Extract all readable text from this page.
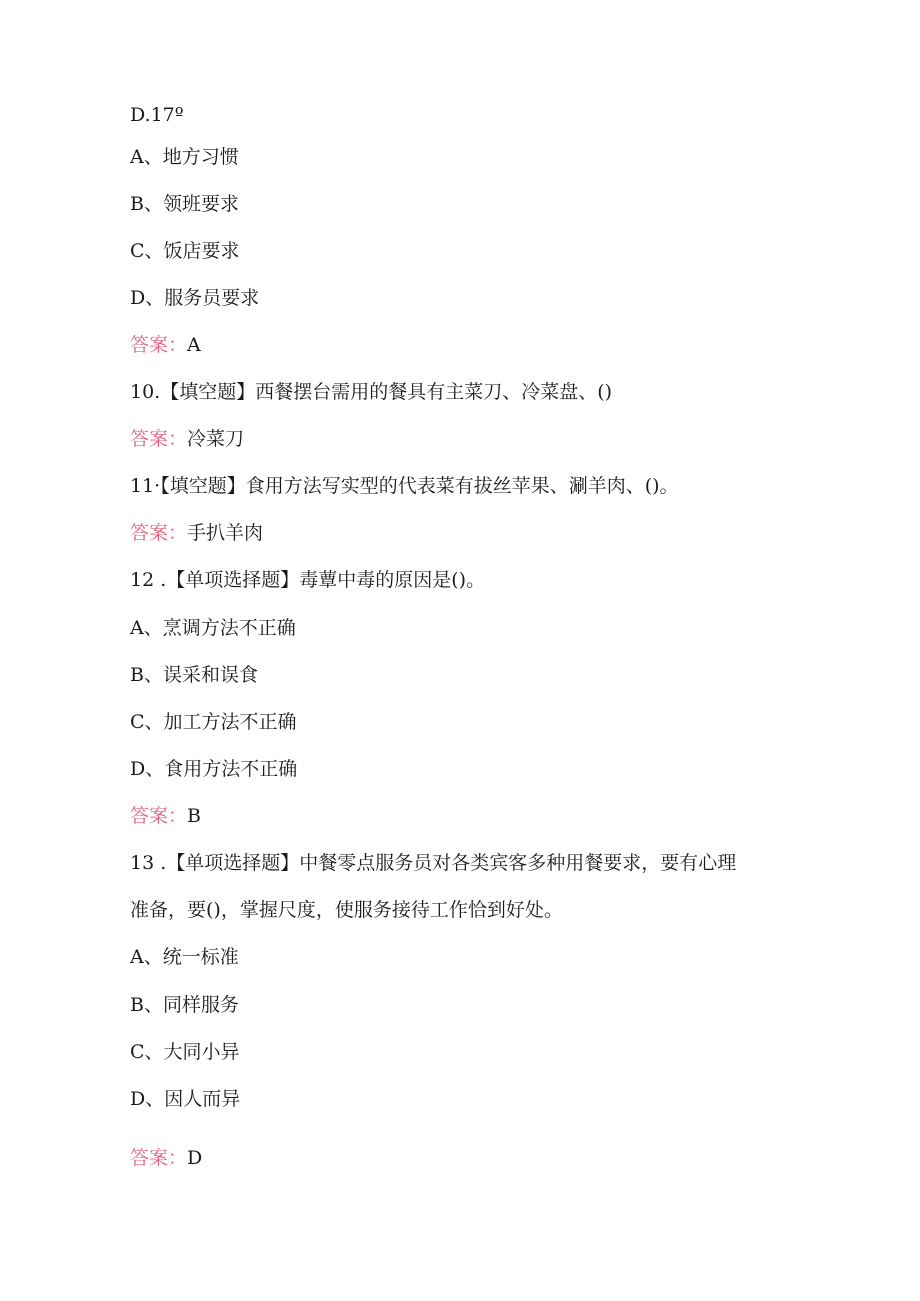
D.17º
A、地方习惯
B、领班要求
C、饭店要求
D、服务员要求
答案：A
10.【填空题】西餐摆台需用的餐具有主菜刀、冷菜盘、()
答案：冷菜刀
11·【填空题】食用方法写实型的代表菜有拔丝苹果、涮羊肉、()。
答案：手扒羊肉
12 .【单项选择题】毒蕈中毒的原因是()。
A、烹调方法不正确
B、误采和误食
C、加工方法不正确
D、食用方法不正确
答案：B
13 .【单项选择题】中餐零点服务员对各类宾客多种用餐要求，要有心理
准备，要()，掌握尺度，使服务接待工作恰到好处。
A、统一标准
B、同样服务
C、大同小异
D、因人而异
答案：D
